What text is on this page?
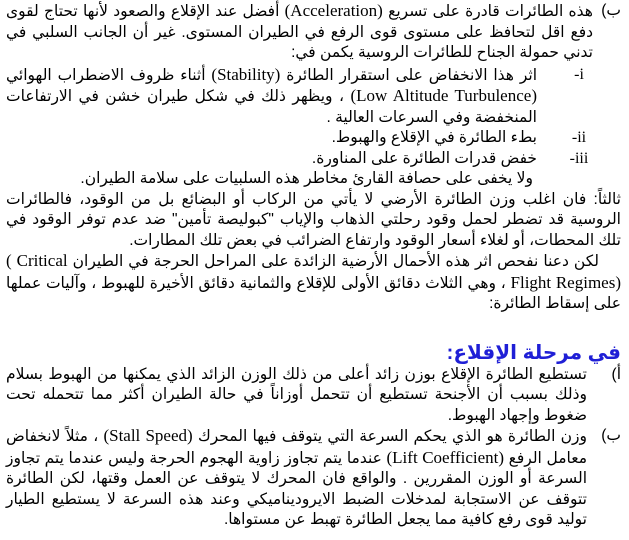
ب)
هذه الطائرات قادرة على تسريع (Acceleration) أفضل عند الإقلاع والصعود لأنها تحتاج لقوى دفع اقل لتحافظ على مستوى قوى الرفع في الطيران المستوى. غير أن الجانب السلبي في تدني حمولة الجناح للطائرات الروسية يكمن في:
-i
اثر هذا الانخفاض على استقرار الطائرة (Stability) أثناء ظروف الاضطراب الهوائي (Low Altitude Turbulence) ، ويظهر ذلك في شكل طيران خشن في الارتفاعات المنخفضة وفي السرعات العالية .
-ii
بطء الطائرة في الإقلاع والهبوط.
-iii
خفض قدرات الطائرة على المناورة.
ولا يخفى على حصافة القارئ مخاطر هذه السلبيات على سلامة الطيران.
ثالثاً: فان اغلب وزن الطائرة الأرضي لا يأتي من الركاب أو البضائع بل من الوقود، فالطائرات الروسية قد تضطر لحمل وقود رحلتي الذهاب والإياب "كبوليصة تأمين" ضد عدم توفر الوقود في تلك المحطات، أو لغلاء أسعار الوقود وارتفاع الضرائب في بعض تلك المطارات.
لكن دعنا نفحص اثر هذه الأحمال الأرضية الزائدة على المراحل الحرجة في الطيران ( Critical Flight Regimes) ، وهي الثلاث دقائق الأولى للإقلاع والثمانية دقائق الأخيرة للهبوط ، وآليات عملها على إسقاط الطائرة:
في مرحلة الإقلاع:
أ)
تستطيع الطائرة الإقلاع بوزن زائد أعلى من ذلك الوزن الزائد الذي يمكنها من الهبوط بسلام وذلك بسبب أن الأجنحة تستطيع أن تتحمل أوزاناً في حالة الطيران أكثر مما تتحمله تحت ضغوط وإجهاد الهبوط.
ب)
وزن الطائرة هو الذي يحكم السرعة التي يتوقف فيها المحرك (Stall Speed) ، مثلاً لانخفاض معامل الرفع (Lift Coefficient) عندما يتم تجاوز زاوية الهجوم الحرجة وليس عندما يتم تجاوز السرعة أو الوزن المقررين . والواقع فان المحرك لا يتوقف عن العمل وقتها، لكن الطائرة تتوقف عن الاستجابة لمدخلات الضبط الايروديناميكي وعند هذه السرعة لا يستطيع الطيار توليد قوى رفع كافية مما يجعل الطائرة تهبط عن مستواها.
